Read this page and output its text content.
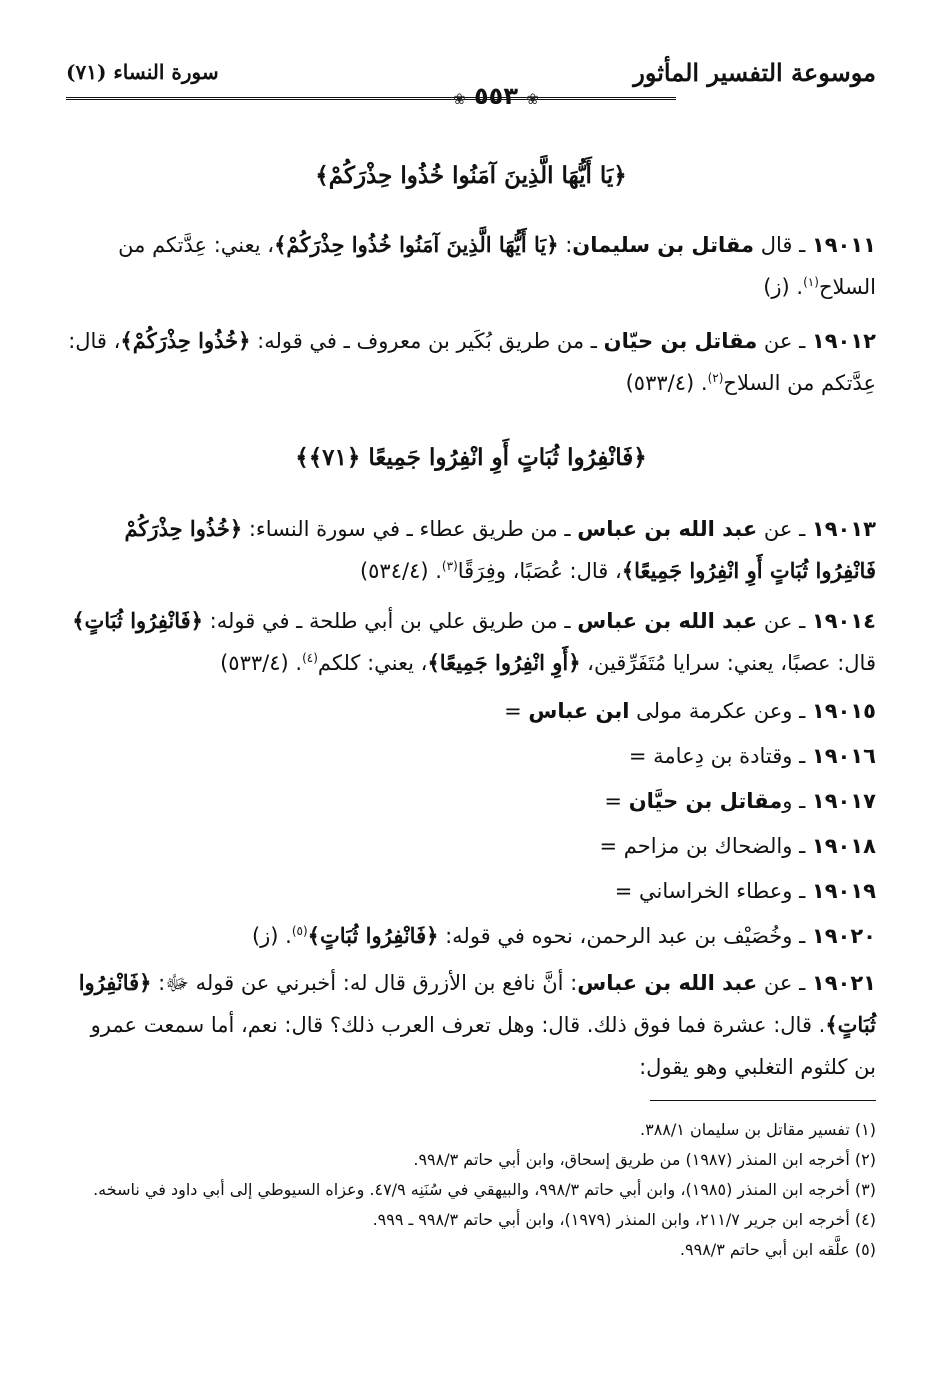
موسوعة التفسير المأثور
سورة النساء (٧١)
❀ ٥٥٣ ❀
﴿يَا أَيُّهَا الَّذِينَ آمَنُوا خُذُوا حِذْرَكُمْ﴾
١٩٠١١ ـ قال مقاتل بن سليمان: ﴿يَا أَيُّهَا الَّذِينَ آمَنُوا خُذُوا حِذْرَكُمْ﴾، يعني: عِدَّتكم من السلاح$^{(١)}$. (ز)
١٩٠١٢ ـ عن مقاتل بن حيّان ـ من طريق بُكَير بن معروف ـ في قوله: ﴿خُذُوا حِذْرَكُمْ﴾، قال: عِدَّتكم من السلاح$^{(٢)}$. (٥٣٣/٤)
﴿فَانْفِرُوا ثُبَاتٍ أَوِ انْفِرُوا جَمِيعًا ﴿٧١﴾﴾
١٩٠١٣ ـ عن عبد الله بن عباس ـ من طريق عطاء ـ في سورة النساء: ﴿خُذُوا حِذْرَكُمْ فَانْفِرُوا ثُبَاتٍ أَوِ انْفِرُوا جَمِيعًا﴾، قال: عُصَبًا، وفِرَقًا$^{(٣)}$. (٥٣٤/٤)
١٩٠١٤ ـ عن عبد الله بن عباس ـ من طريق علي بن أبي طلحة ـ في قوله: ﴿فَانْفِرُوا ثُبَاتٍ﴾ قال: عصبًا، يعني: سرايا مُتَفَرِّقين، ﴿أَوِ انْفِرُوا جَمِيعًا﴾، يعني: كلكم$^{(٤)}$. (٥٣٣/٤)
١٩٠١٥ ـ وعن عكرمة مولى ابن عباس =
١٩٠١٦ ـ وقتادة بن دِعامة =
١٩٠١٧ ـ ومقاتل بن حيَّان =
١٩٠١٨ ـ والضحاك بن مزاحم =
١٩٠١٩ ـ وعطاء الخراساني =
١٩٠٢٠ ـ وخُصَيْف بن عبد الرحمن، نحوه في قوله: ﴿فَانْفِرُوا ثُبَاتٍ﴾$^{(٥)}$. (ز)
١٩٠٢١ ـ عن عبد الله بن عباس: أنَّ نافع بن الأزرق قال له: أخبرني عن قوله ﷻ: ﴿فَانْفِرُوا ثُبَاتٍ﴾. قال: عشرة فما فوق ذلك. قال: وهل تعرف العرب ذلك؟ قال: نعم، أما سمعت عمرو بن كلثوم التغلبي وهو يقول:
(١) تفسير مقاتل بن سليمان ٣٨٨/١.
(٢) أخرجه ابن المنذر (١٩٨٧) من طريق إسحاق، وابن أبي حاتم ٩٩٨/٣.
(٣) أخرجه ابن المنذر (١٩٨٥)، وابن أبي حاتم ٩٩٨/٣، والبيهقي في سُنَنِه ٤٧/٩. وعزاه السيوطي إلى أبي داود في ناسخه.
(٤) أخرجه ابن جرير ٢١١/٧، وابن المنذر (١٩٧٩)، وابن أبي حاتم ٩٩٨/٣ ـ ٩٩٩.
(٥) علَّقه ابن أبي حاتم ٩٩٨/٣.
